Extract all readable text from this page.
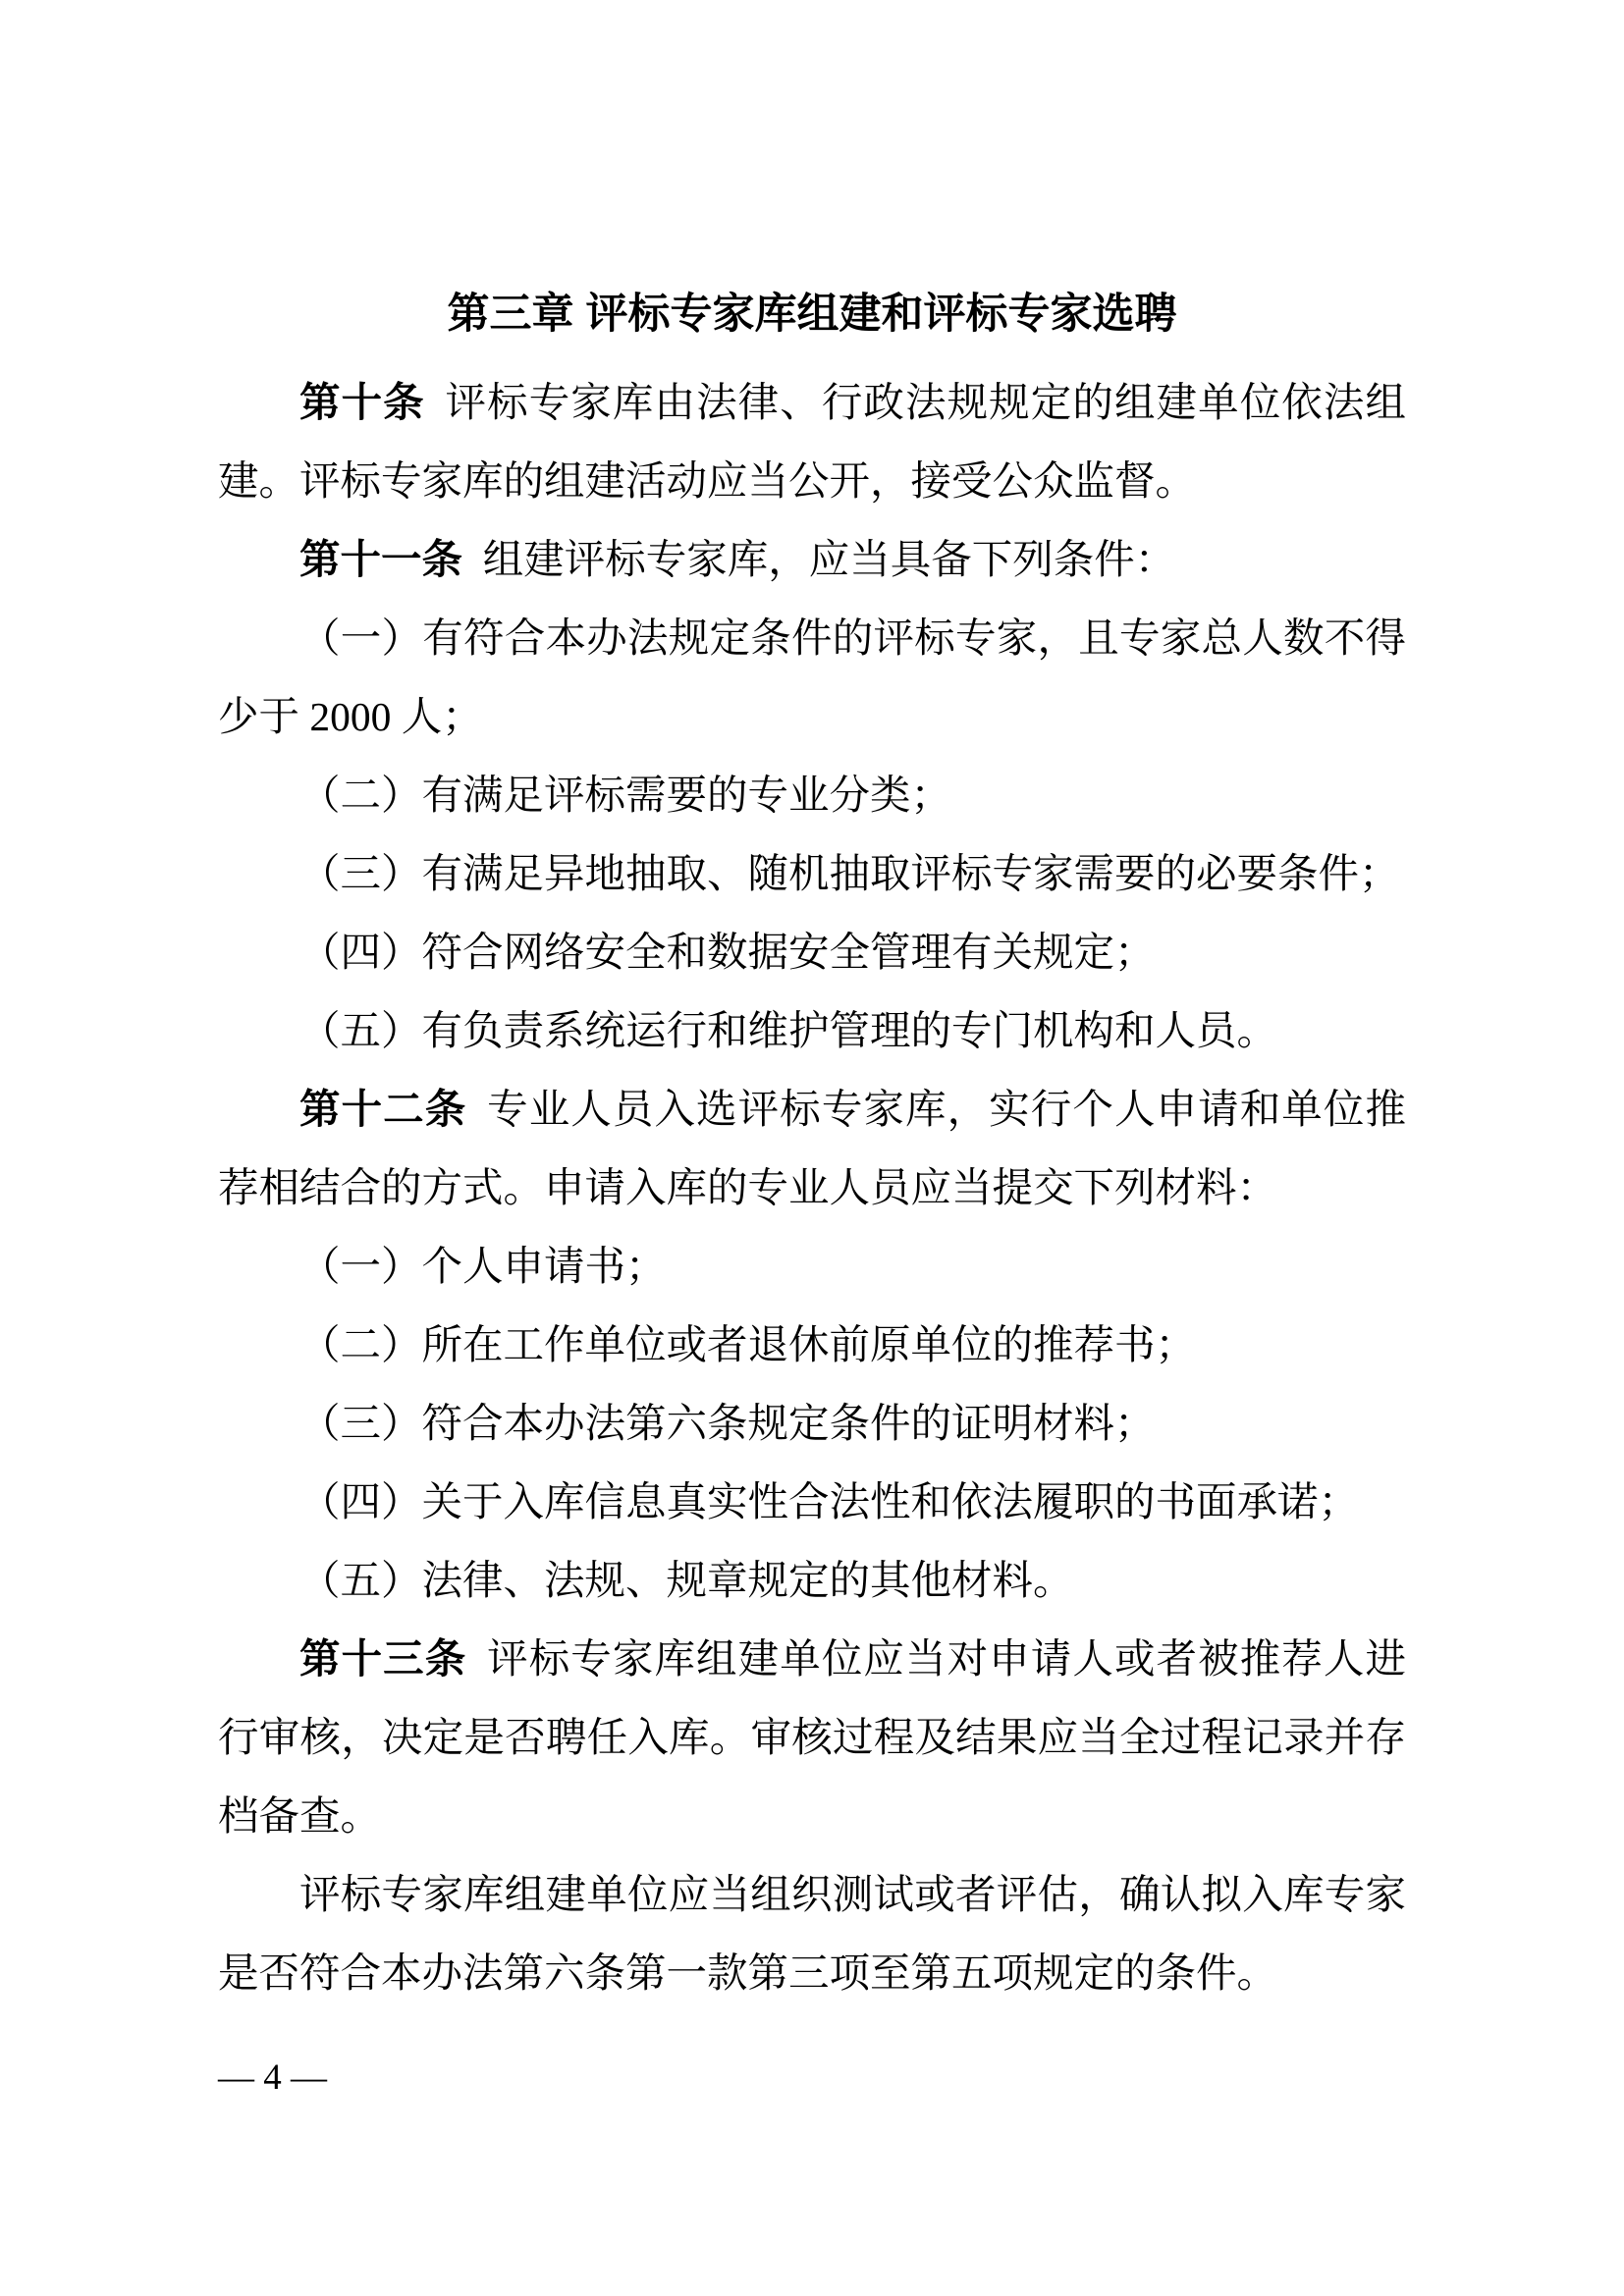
第三章 评标专家库组建和评标专家选聘

第十条 评标专家库由法律、行政法规规定的组建单位依法组建。评标专家库的组建活动应当公开，接受公众监督。

第十一条 组建评标专家库，应当具备下列条件：

（一）有符合本办法规定条件的评标专家，且专家总人数不得少于 2000 人；

（二）有满足评标需要的专业分类；

（三）有满足异地抽取、随机抽取评标专家需要的必要条件；

（四）符合网络安全和数据安全管理有关规定；

（五）有负责系统运行和维护管理的专门机构和人员。

第十二条 专业人员入选评标专家库，实行个人申请和单位推荐相结合的方式。申请入库的专业人员应当提交下列材料：

（一）个人申请书；

（二）所在工作单位或者退休前原单位的推荐书；

（三）符合本办法第六条规定条件的证明材料；

（四）关于入库信息真实性合法性和依法履职的书面承诺；

（五）法律、法规、规章规定的其他材料。

第十三条 评标专家库组建单位应当对申请人或者被推荐人进行审核，决定是否聘任入库。审核过程及结果应当全过程记录并存档备查。

评标专家库组建单位应当组织测试或者评估，确认拟入库专家是否符合本办法第六条第一款第三项至第五项规定的条件。

— 4 —
